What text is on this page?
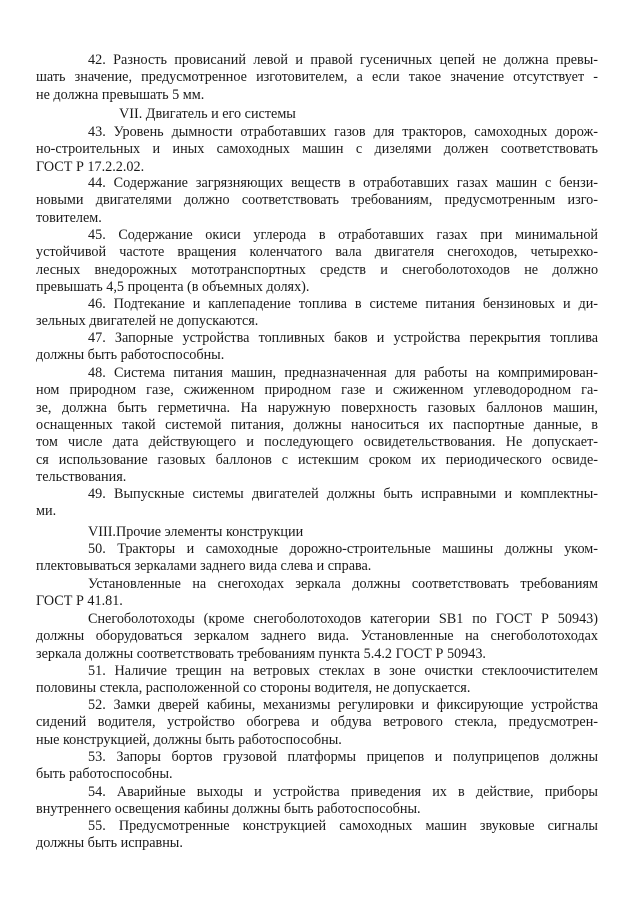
42. Разность провисаний левой и правой гусеничных цепей не должна превы-
шать значение, предусмотренное изготовителем, а если такое значение отсутствует -
не должна превышать 5 мм.
VII. Двигатель и его системы
43. Уровень дымности отработавших газов для тракторов, самоходных дорож-
но-строительных и иных самоходных машин с дизелями должен соответствовать
ГОСТ Р 17.2.2.02.
44. Содержание загрязняющих веществ в отработавших газах машин с бензи-
новыми двигателями должно соответствовать требованиям, предусмотренным изго-
товителем.
45. Содержание окиси углерода в отработавших газах при минимальной
устойчивой частоте вращения коленчатого вала двигателя снегоходов, четырехко-
лесных внедорожных мототранспортных средств и снегоболотоходов не должно
превышать 4,5 процента (в объемных долях).
46. Подтекание и каплепадение топлива в системе питания бензиновых и ди-
зельных двигателей не допускаются.
47. Запорные устройства топливных баков и устройства перекрытия топлива
должны быть работоспособны.
48. Система питания машин, предназначенная для работы на компримирован-
ном природном газе, сжиженном природном газе и сжиженном углеводородном га-
зе, должна быть герметична. На наружную поверхность газовых баллонов машин,
оснащенных такой системой питания, должны наноситься их паспортные данные, в
том числе дата действующего и последующего освидетельствования. Не допускает-
ся использование газовых баллонов с истекшим сроком их периодического освиде-
тельствования.
49. Выпускные системы двигателей должны быть исправными и комплектны-
ми.
VIII.Прочие элементы конструкции
50. Тракторы и самоходные дорожно-строительные машины должны уком-
плектовываться зеркалами заднего вида слева и справа.
Установленные на снегоходах зеркала должны соответствовать требованиям
ГОСТ Р 41.81.
Снегоболотоходы (кроме снегоболотоходов категории SB1 по ГОСТ Р 50943)
должны оборудоваться зеркалом заднего вида. Установленные на снегоболотоходах
зеркала должны соответствовать требованиям пункта 5.4.2 ГОСТ Р 50943.
51. Наличие трещин на ветровых стеклах в зоне очистки стеклоочистителем
половины стекла, расположенной со стороны водителя, не допускается.
52. Замки дверей кабины, механизмы регулировки и фиксирующие устройства
сидений водителя, устройство обогрева и обдува ветрового стекла, предусмотрен-
ные конструкцией, должны быть работоспособны.
53. Запоры бортов грузовой платформы прицепов и полуприцепов должны
быть работоспособны.
54. Аварийные выходы и устройства приведения их в действие, приборы
внутреннего освещения кабины должны быть работоспособны.
55. Предусмотренные конструкцией самоходных машин звуковые сигналы
должны быть исправны.
